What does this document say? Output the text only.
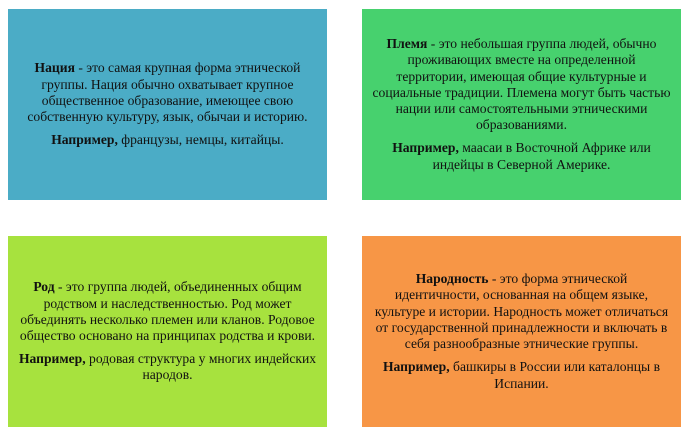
Нация - это самая крупная форма этнической группы. Нация обычно охватывает крупное общественное образование, имеющее свою собственную культуру, язык, обычаи и историю.

Например, французы, немцы, китайцы.

Племя - это небольшая группа людей, обычно проживающих вместе на определенной территории, имеющая общие культурные и социальные традиции. Племена могут быть частью нации или самостоятельными этническими образованиями.

Например, маасаи в Восточной Африке или индейцы в Северной Америке.

Род - это группа людей, объединенных общим родством и наследственностью. Род может объединять несколько племен или кланов. Родовое общество основано на принципах родства и крови.

Например, родовая структура у многих индейских народов.

Народность - это форма этнической идентичности, основанная на общем языке, культуре и истории. Народность может отличаться от государственной принадлежности и включать в себя разнообразные этнические группы.

Например, башкиры в России или каталонцы в Испании.
